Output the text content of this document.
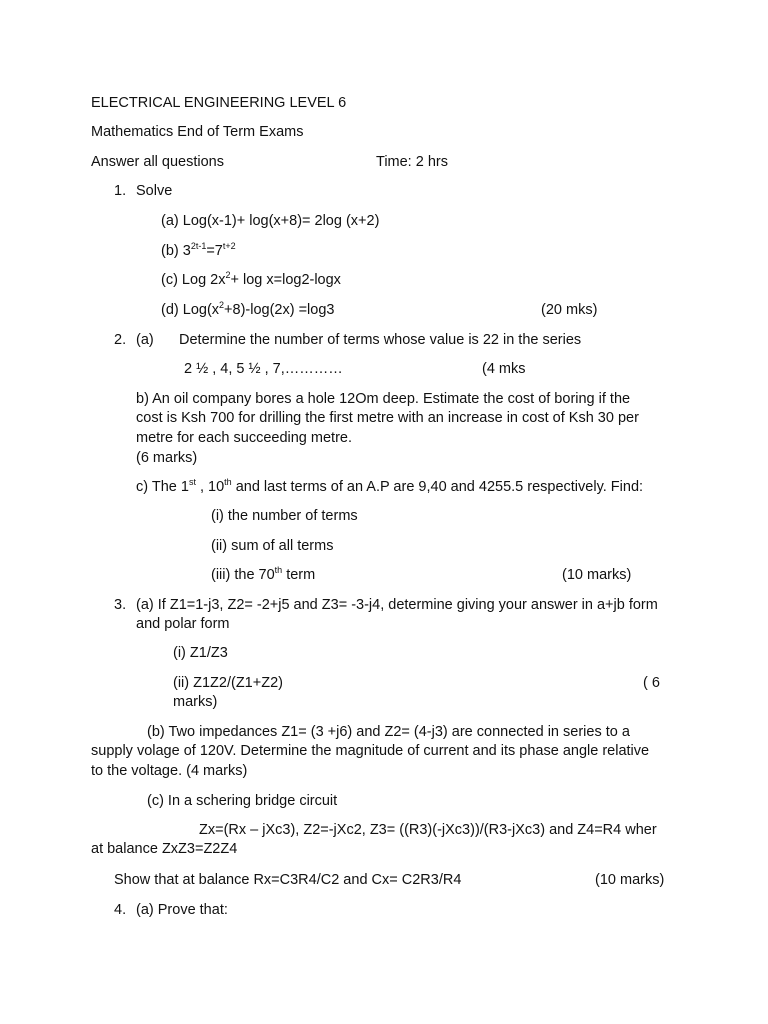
ELECTRICAL ENGINEERING LEVEL 6
Mathematics End of Term Exams
Answer all questions	Time: 2 hrs
1. Solve
(a) Log(x-1)+ log(x+8)= 2log (x+2)
(b) $3^{2t-1}=7^{t+2}$
(c) Log $2x^2+ \log x=\log 2-\log x$
(d) $Log(x^2+8)-\log(2x) =\log 3$	(20 mks)
2. (a) Determine the number of terms whose value is 22 in the series
2 ½ , 4, 5 ½ , 7,…………	(4 mks
b) An oil company bores a hole 12Om deep. Estimate the cost of boring if the
cost is Ksh 700 for drilling the first metre with an increase in cost of Ksh 30 per
metre for each succeeding metre.
(6 marks)
c) The 1st , 10th and last terms of an A.P are 9,40 and 4255.5 respectively. Find:
(i) the number of terms
(ii) sum of all terms
(iii) the 70th term	(10 marks)
3. (a) If Z1=1-j3, Z2= -2+j5 and Z3= -3-j4, determine giving your answer in a+jb form
and polar form
(i) Z1/Z3
(ii) Z1Z2/(Z1+Z2)	( 6
marks)
(b) Two impedances Z1= (3 +j6) and Z2= (4-j3) are connected in series to a
supply volage of 120V. Determine the magnitude of current and its phase angle relative
to the voltage. (4 marks)
(c) In a schering bridge circuit
Zx=(Rx – jXc3), Z2=-jXc2, Z3= ((R3)(-jXc3))/(R3-jXc3) and Z4=R4 wher
at balance ZxZ3=Z2Z4
Show that at balance Rx=C3R4/C2 and Cx= C2R3/R4	(10 marks)
4. (a) Prove that:
